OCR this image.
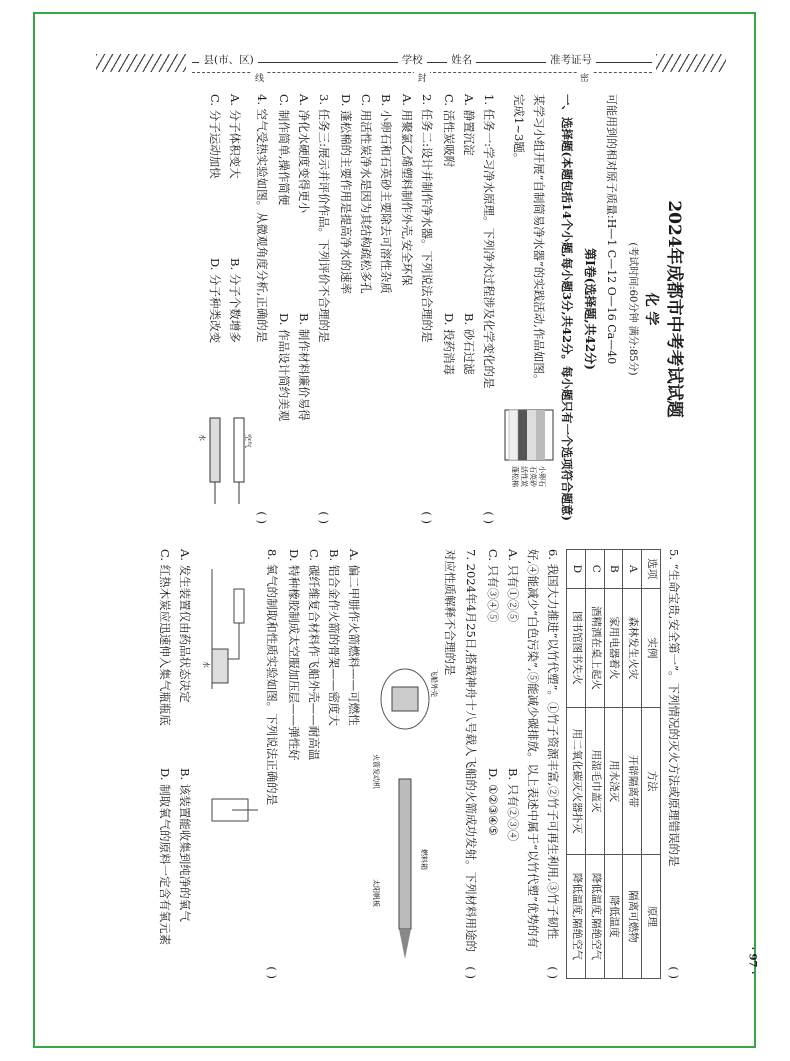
县(市、区)	学校	姓名	准考证号
线	封	密

2024年成都市中考考试试题

化 学

(考试时间:60分钟 满分:85分)

可能用到的相对原子质量:H—1 C—12 O—16 Ca—40

第Ⅰ卷(选择题,共42分)

一、选择题(本题包括14个小题,每小题3分,共42分。每小题只有一个选项符合题意)

某学习小组开展“自制简易净水器”的实践活动,作品如图。完成1~3题。

小卵石
石英砂
活性炭
蓬松棉
1. 任务一:学习净水原理。下列净水过程涉及化学变化的是
( )
A. 静置沉淀
B. 砂石过滤
C. 活性炭吸附
D. 投药消毒
2. 任务二:设计并制作净水器。下列说法合理的是
( )
A. 用聚氯乙烯塑料制作外壳,安全环保
B. 小卵石和石英砂主要除去可溶性杂质
C. 用活性炭净水是因为其结构疏松多孔
D. 蓬松棉的主要作用是提高净水的速率
3. 任务三:展示并评价作品。下列评价不合理的是
( )
A. 净化水硬度变得更小
B. 制作材料廉价易得
C. 制作简单,操作简便
D. 作品设计简约美观
4. 空气受热实验如图。从微观角度分析,正确的是
( )
A. 分子体积变大
B. 分子个数增多
C. 分子运动加快
D. 分子种类改变
空气
水
5. “生命宝贵,安全第一”。下列情况的灭火方法或原理错误的是
( )
选项	实例	方法	原理
A	森林发生火灾	开辟隔离带	隔离可燃物
B	家用电器着火	用水浇灭	降低温度
C	酒精洒在桌上起火	用湿毛巾盖灭	降低温度,隔绝空气
D	图书馆图书失火	用二氧化碳灭火器扑灭	降低温度,隔绝空气
6. 我国大力推进“以竹代塑”。①竹子资源丰富,②竹子可再生利用,③竹子韧性好,④能减少“白色污染”,⑤能减少碳排放。以上表述中属于“以竹代塑”优势的有
( )
A. 只有①②⑤
B. 只有②③④
C. 只有③④⑤
D. ①②③④⑤
7. 2024年4月25日,搭载神舟十八号载人飞船的火箭成功发射。下列材料用途的对应性质解释不合理的是
( )
飞船外壳
火箭发动机
太阳帆板
燃料箱
A. 偏二甲肼作火箭燃料——可燃性
B. 铝合金作火箭的骨架——密度大
C. 碳纤维复合材料作飞船外壳——耐高温
D. 特种橡胶制成太空服加压层——弹性好
8. 氧气的制取和性质实验如图。下列说法正确的是
( )
水
A. 发生装置仅由药品状态决定
B. 该装置能收集到纯净的氧气
C. 红热木炭应迅速伸入集气瓶瓶底
D. 制取氧气的原料一定含有氧元素
· 97 ·
